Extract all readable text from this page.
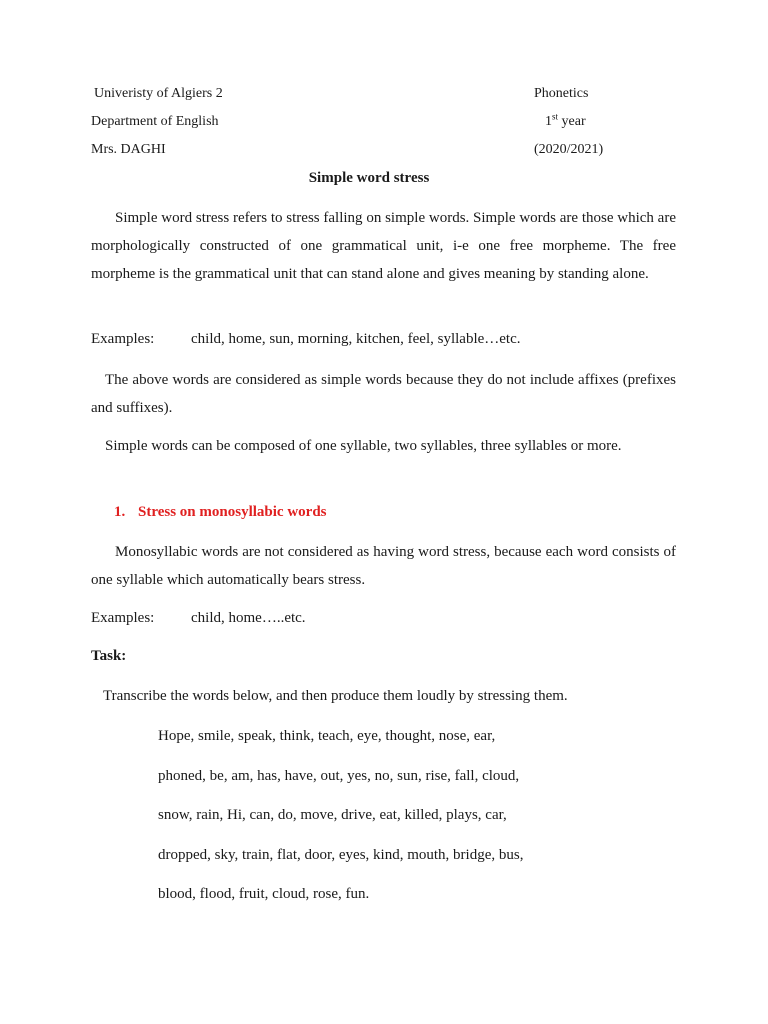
Univeristy of Algiers 2	Phonetics
Department of English	1st year
Mrs. DAGHI	(2020/2021)
Simple word stress
Simple word stress refers to stress falling on simple words. Simple words are those which are morphologically constructed of one grammatical unit, i-e one free morpheme. The free morpheme is the grammatical unit that can stand alone and gives meaning by standing alone.
Examples: child, home, sun, morning, kitchen, feel, syllable…etc.
The above words are considered as simple words because they do not include affixes (prefixes and suffixes).
Simple words can be composed of one syllable, two syllables, three syllables or more.
1. Stress on monosyllabic words
Monosyllabic words are not considered as having word stress, because each word consists of one syllable which automatically bears stress.
Examples: child, home…..etc.
Task:
Transcribe the words below, and then produce them loudly by stressing them.
Hope, smile, speak, think, teach, eye, thought, nose, ear,
phoned, be, am, has, have, out, yes, no, sun, rise, fall, cloud,
snow, rain, Hi, can, do, move, drive, eat, killed, plays, car,
dropped, sky, train, flat, door, eyes, kind, mouth, bridge, bus,
blood, flood, fruit, cloud, rose, fun.
